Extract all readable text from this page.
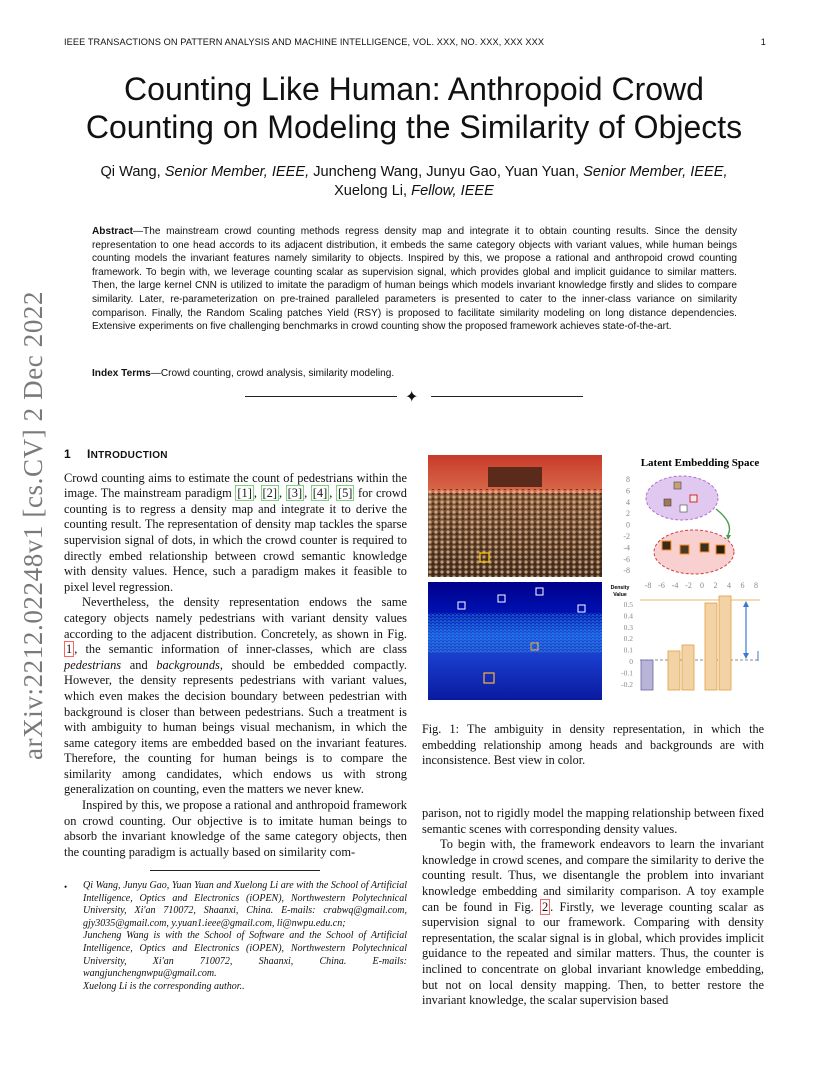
IEEE TRANSACTIONS ON PATTERN ANALYSIS AND MACHINE INTELLIGENCE, VOL. XXX, NO. XXX, XXX XXX	1
Counting Like Human: Anthropoid Crowd
Counting on Modeling the Similarity of Objects
Qi Wang, Senior Member, IEEE, Juncheng Wang, Junyu Gao, Yuan Yuan, Senior Member, IEEE,
Xuelong Li, Fellow, IEEE
Abstract—The mainstream crowd counting methods regress density map and integrate it to obtain counting results. Since the density representation to one head accords to its adjacent distribution, it embeds the same category objects with variant values, while human beings counting models the invariant features namely similarity to objects. Inspired by this, we propose a rational and anthropoid crowd counting framework. To begin with, we leverage counting scalar as supervision signal, which provides global and implicit guidance to similar matters. Then, the large kernel CNN is utilized to imitate the paradigm of human beings which models invariant knowledge firstly and slides to compare similarity. Later, re-parameterization on pre-trained paralleled parameters is presented to cater to the inner-class variance on similarity comparison. Finally, the Random Scaling patches Yield (RSY) is proposed to facilitate similarity modeling on long distance dependencies. Extensive experiments on five challenging benchmarks in crowd counting show the proposed framework achieves state-of-the-art.
Index Terms—Crowd counting, crowd analysis, similarity modeling.
✦
arXiv:2212.02248v1 [cs.CV] 2 Dec 2022	1 INTRODUCTION

Crowd counting aims to estimate the count of pedestrians within the image. The mainstream paradigm [1] , [2] , [3] , [4] , [5] for crowd counting is to regress a density map and integrate it to derive the counting result. The representation of density map tackles the sparse supervision signal of dots, in which the crowd counter is required to directly embed relationship between crowd semantic knowledge with density values. Hence, such a paradigm makes it feasible to pixel level regression.

Nevertheless, the density representation endows the same category objects namely pedestrians with variant density values according to the adjacent distribution. Concretely, as shown in Fig. 1 , the semantic information of inner-classes, which are class pedestrians and backgrounds, should be embedded compactly. However, the density represents pedestrians with variant values, which even makes the decision boundary between pedestrian with background is closer than between pedestrians. Such a treatment is with ambiguity to human beings visual mechanism, in which the same category items are embedded based on the invariant features. Therefore, the counting for human beings is to compare the similarity among candidates, which endows us with strong generalization on counting, even the matters we never knew.

Inspired by this, we propose a rational and anthropoid framework on crowd counting. Our objective is to imitate human beings to absorb the invariant knowledge of the same category objects, then the counting paradigm is actually based on similarity com-

• Qi Wang, Junyu Gao, Yuan Yuan and Xuelong Li are with the School of Artificial Intelligence, Optics and Electronics (iOPEN), Northwestern Polytechnical University, Xi'an 710072, Shaanxi, China. E-mails: crabwq@gmail.com, gjy3035@gmail.com, y.yuan1.ieee@gmail.com, li@nwpu.edu.cn;
Juncheng Wang is with the School of Software and the School of Artificial Intelligence, Optics and Electronics (iOPEN), Northwestern Polytechnical University, Xi'an 710072, Shaanxi, China. E-mails: wangjunchengnwpu@gmail.com.
Xuelong Li is the corresponding author..
Latent Embedding Space
8
6
4
2
0
-2
-4
-6
-8
Density
Value
-8 -6 -4 -2 0 2 4 6 8
0.5
0.4
0.3
0.2
0.1
0
-0.1
-0.2
Fig. 1: The ambiguity in density representation, in which the embedding relationship among heads and backgrounds are with inconsistence. Best view in color.

parison, not to rigidly model the mapping relationship between fixed semantic scenes with corresponding density values.

To begin with, the framework endeavors to learn the invariant knowledge in crowd scenes, and compare the similarity to derive the counting result. Thus, we disentangle the problem into invariant knowledge embedding and similarity comparison. A toy example can be found in Fig. 2 . Firstly, we leverage counting scalar as supervision signal to our framework. Comparing with density representation, the scalar signal is in global, which provides implicit guidance to the repeated and similar matters. Thus, the counter is inclined to concentrate on global invariant knowledge embedding, but not on local density mapping. Then, to better restore the invariant knowledge, the scalar supervision based
